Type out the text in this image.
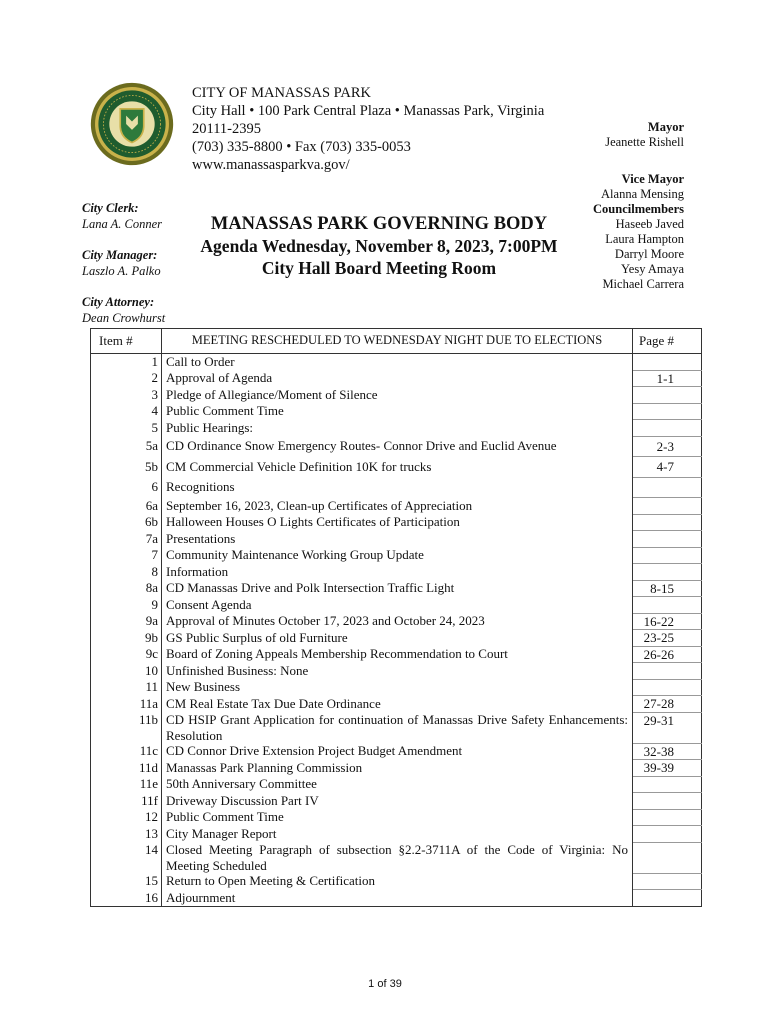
CITY OF MANASSAS PARK
City Hall • 100 Park Central Plaza • Manassas Park, Virginia
20111-2395
(703) 335-8800 • Fax (703) 335-0053
www.manassasparkva.gov/
City Clerk:
Lana A. Conner
City Manager:
Laszlo A. Palko
City Attorney:
Dean Crowhurst
MANASSAS PARK GOVERNING BODY
Agenda Wednesday, November 8, 2023, 7:00PM
City Hall Board Meeting Room
Mayor
Jeanette Rishell
Vice Mayor
Alanna Mensing
Councilmembers
Haseeb Javed
Laura Hampton
Darryl Moore
Yesy Amaya
Michael Carrera
Item #	MEETING RESCHEDULED TO WEDNESDAY NIGHT DUE TO ELECTIONS	Page #
1	Call to Order	
2	Approval of Agenda	1-1
3	Pledge of Allegiance/Moment of Silence	
4	Public Comment Time	
5	Public Hearings:	
5a	CD Ordinance Snow Emergency Routes- Connor Drive and Euclid Avenue	2-3
5b	CM Commercial Vehicle Definition 10K for trucks	4-7
6	Recognitions	
6a	September 16, 2023, Clean-up Certificates of Appreciation	
6b	Halloween Houses O Lights Certificates of Participation	
7a	Presentations	
7	Community Maintenance Working Group Update	
8	Information	
8a	CD Manassas Drive and Polk Intersection Traffic Light	8-15
9	Consent Agenda	
9a	Approval of Minutes October 17, 2023 and October 24, 2023	16-22
9b	GS Public Surplus of old Furniture	23-25
9c	Board of Zoning Appeals Membership Recommendation to Court	26-26
10	Unfinished Business: None	
11	New Business	
11a	CM Real Estate Tax Due Date Ordinance	27-28
11b	CD HSIP Grant Application for continuation of Manassas Drive Safety Enhancements: Resolution	29-31
11c	CD Connor Drive Extension Project Budget Amendment	32-38
11d	Manassas Park Planning Commission	39-39
11e	50th Anniversary Committee	
11f	Driveway Discussion Part IV	
12	Public Comment Time	
13	City Manager Report	
14	Closed Meeting Paragraph of subsection §2.2-3711A of the Code of Virginia: No Meeting Scheduled	
15	Return to Open Meeting & Certification	
16	Adjournment	
1 of 39
